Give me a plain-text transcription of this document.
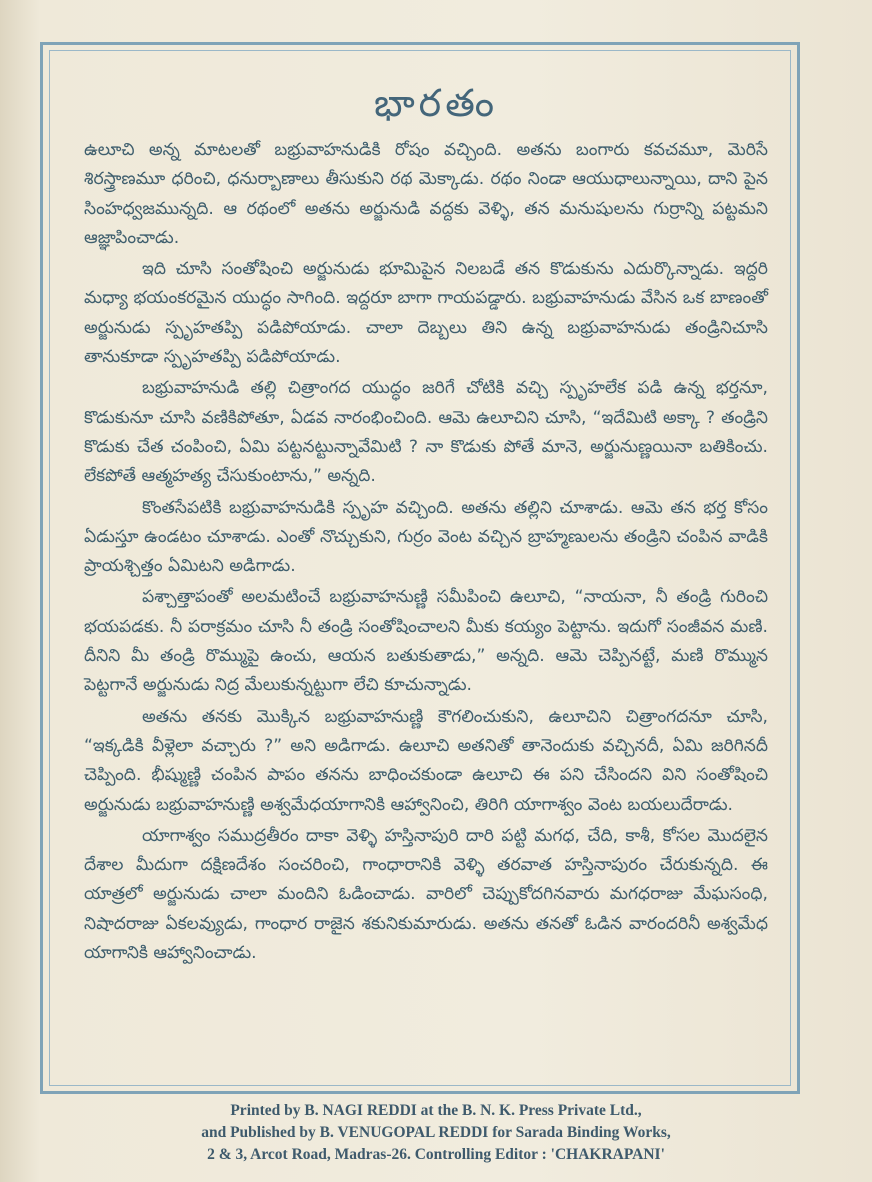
భారతం

ఉలూచి అన్న మాటలతో బభ్రువాహనుడికి రోషం వచ్చింది. అతను బంగారు కవచమూ, మెరిసే శిరస్త్రాణమూ ధరించి, ధనుర్బాణాలు తీసుకుని రథ మెక్కాడు. రథం నిండా ఆయుధాలున్నాయి, దాని పైన సింహధ్వజమున్నది. ఆ రథంలో అతను అర్జునుడి వద్దకు వెళ్ళి, తన మనుషులను గుర్రాన్ని పట్టమని ఆజ్ఞాపించాడు.

ఇది చూసి సంతోషించి అర్జునుడు భూమిపైన నిలబడే తన కొడుకును ఎదుర్కొన్నాడు. ఇద్దరి మధ్యా భయంకరమైన యుద్ధం సాగింది. ఇద్దరూ బాగా గాయపడ్డారు. బభ్రువాహనుడు వేసిన ఒక బాణంతో అర్జునుడు స్పృహతప్పి పడిపోయాడు. చాలా దెబ్బలు తిని ఉన్న బభ్రువాహనుడు తండ్రినిచూసి తానుకూడా స్పృహతప్పి పడిపోయాడు.

బభ్రువాహనుడి తల్లి చిత్రాంగద యుద్ధం జరిగే చోటికి వచ్చి స్పృహలేక పడి ఉన్న భర్తనూ, కొడుకునూ చూసి వణికిపోతూ, ఏడవ నారంభించింది. ఆమె ఉలూచిని చూసి, “ఇదేమిటి అక్కా ? తండ్రిని కొడుకు చేత చంపించి, ఏమి పట్టనట్టున్నావేమిటి ? నా కొడుకు పోతే మానె, అర్జునుణ్ణయినా బతికించు. లేకపోతే ఆత్మహత్య చేసుకుంటాను,” అన్నది.

కొంతసేపటికి బభ్రువాహనుడికి స్పృహ వచ్చింది. అతను తల్లిని చూశాడు. ఆమె తన భర్త కోసం ఏడుస్తూ ఉండటం చూశాడు. ఎంతో నొచ్చుకుని, గుర్రం వెంట వచ్చిన బ్రాహ్మణులను తండ్రిని చంపిన వాడికి ప్రాయశ్చిత్తం ఏమిటని అడిగాడు.

పశ్చాత్తాపంతో అలమటించే బభ్రువాహనుణ్ణి సమీపించి ఉలూచి, “నాయనా, నీ తండ్రి గురించి భయపడకు. నీ పరాక్రమం చూసి నీ తండ్రి సంతోషించాలని మీకు కయ్యం పెట్టాను. ఇదుగో సంజీవన మణి. దీనిని మీ తండ్రి రొమ్ముపై ఉంచు, ఆయన బతుకుతాడు,” అన్నది. ఆమె చెప్పినట్టే, మణి రొమ్మున పెట్టగానే అర్జునుడు నిద్ర మేలుకున్నట్టుగా లేచి కూచున్నాడు.

అతను తనకు మొక్కిన బభ్రువాహనుణ్ణి కౌగలించుకుని, ఉలూచిని చిత్రాంగదనూ చూసి, “ఇక్కడికి వీళ్లెలా వచ్చారు ?” అని అడిగాడు. ఉలూచి అతనితో తానెందుకు వచ్చినదీ, ఏమి జరిగినదీ చెప్పింది. భీష్ముణ్ణి చంపిన పాపం తనను బాధించకుండా ఉలూచి ఈ పని చేసిందని విని సంతోషించి అర్జునుడు బభ్రువాహనుణ్ణి అశ్వమేధయాగానికి ఆహ్వానించి, తిరిగి యాగాశ్వం వెంట బయలుదేరాడు.

యాగాశ్వం సముద్రతీరం దాకా వెళ్ళి హస్తినాపురి దారి పట్టి మగధ, చేది, కాశీ, కోసల మొదలైన దేశాల మీదుగా దక్షిణదేశం సంచరించి, గాంధారానికి వెళ్ళి తరవాత హస్తినాపురం చేరుకున్నది. ఈ యాత్రలో అర్జునుడు చాలా మందిని ఓడించాడు. వారిలో చెప్పుకోదగినవారు మగధరాజు మేఘసంధి, నిషాదరాజు ఏకలవ్యుడు, గాంధార రాజైన శకునికుమారుడు. అతను తనతో ఓడిన వారందరినీ అశ్వమేధ యాగానికి ఆహ్వానించాడు.

Printed by B. NAGI REDDI at the B. N. K. Press Private Ltd.,
and Published by B. VENUGOPAL REDDI for Sarada Binding Works,
2 & 3, Arcot Road, Madras-26. Controlling Editor : 'CHAKRAPANI'
